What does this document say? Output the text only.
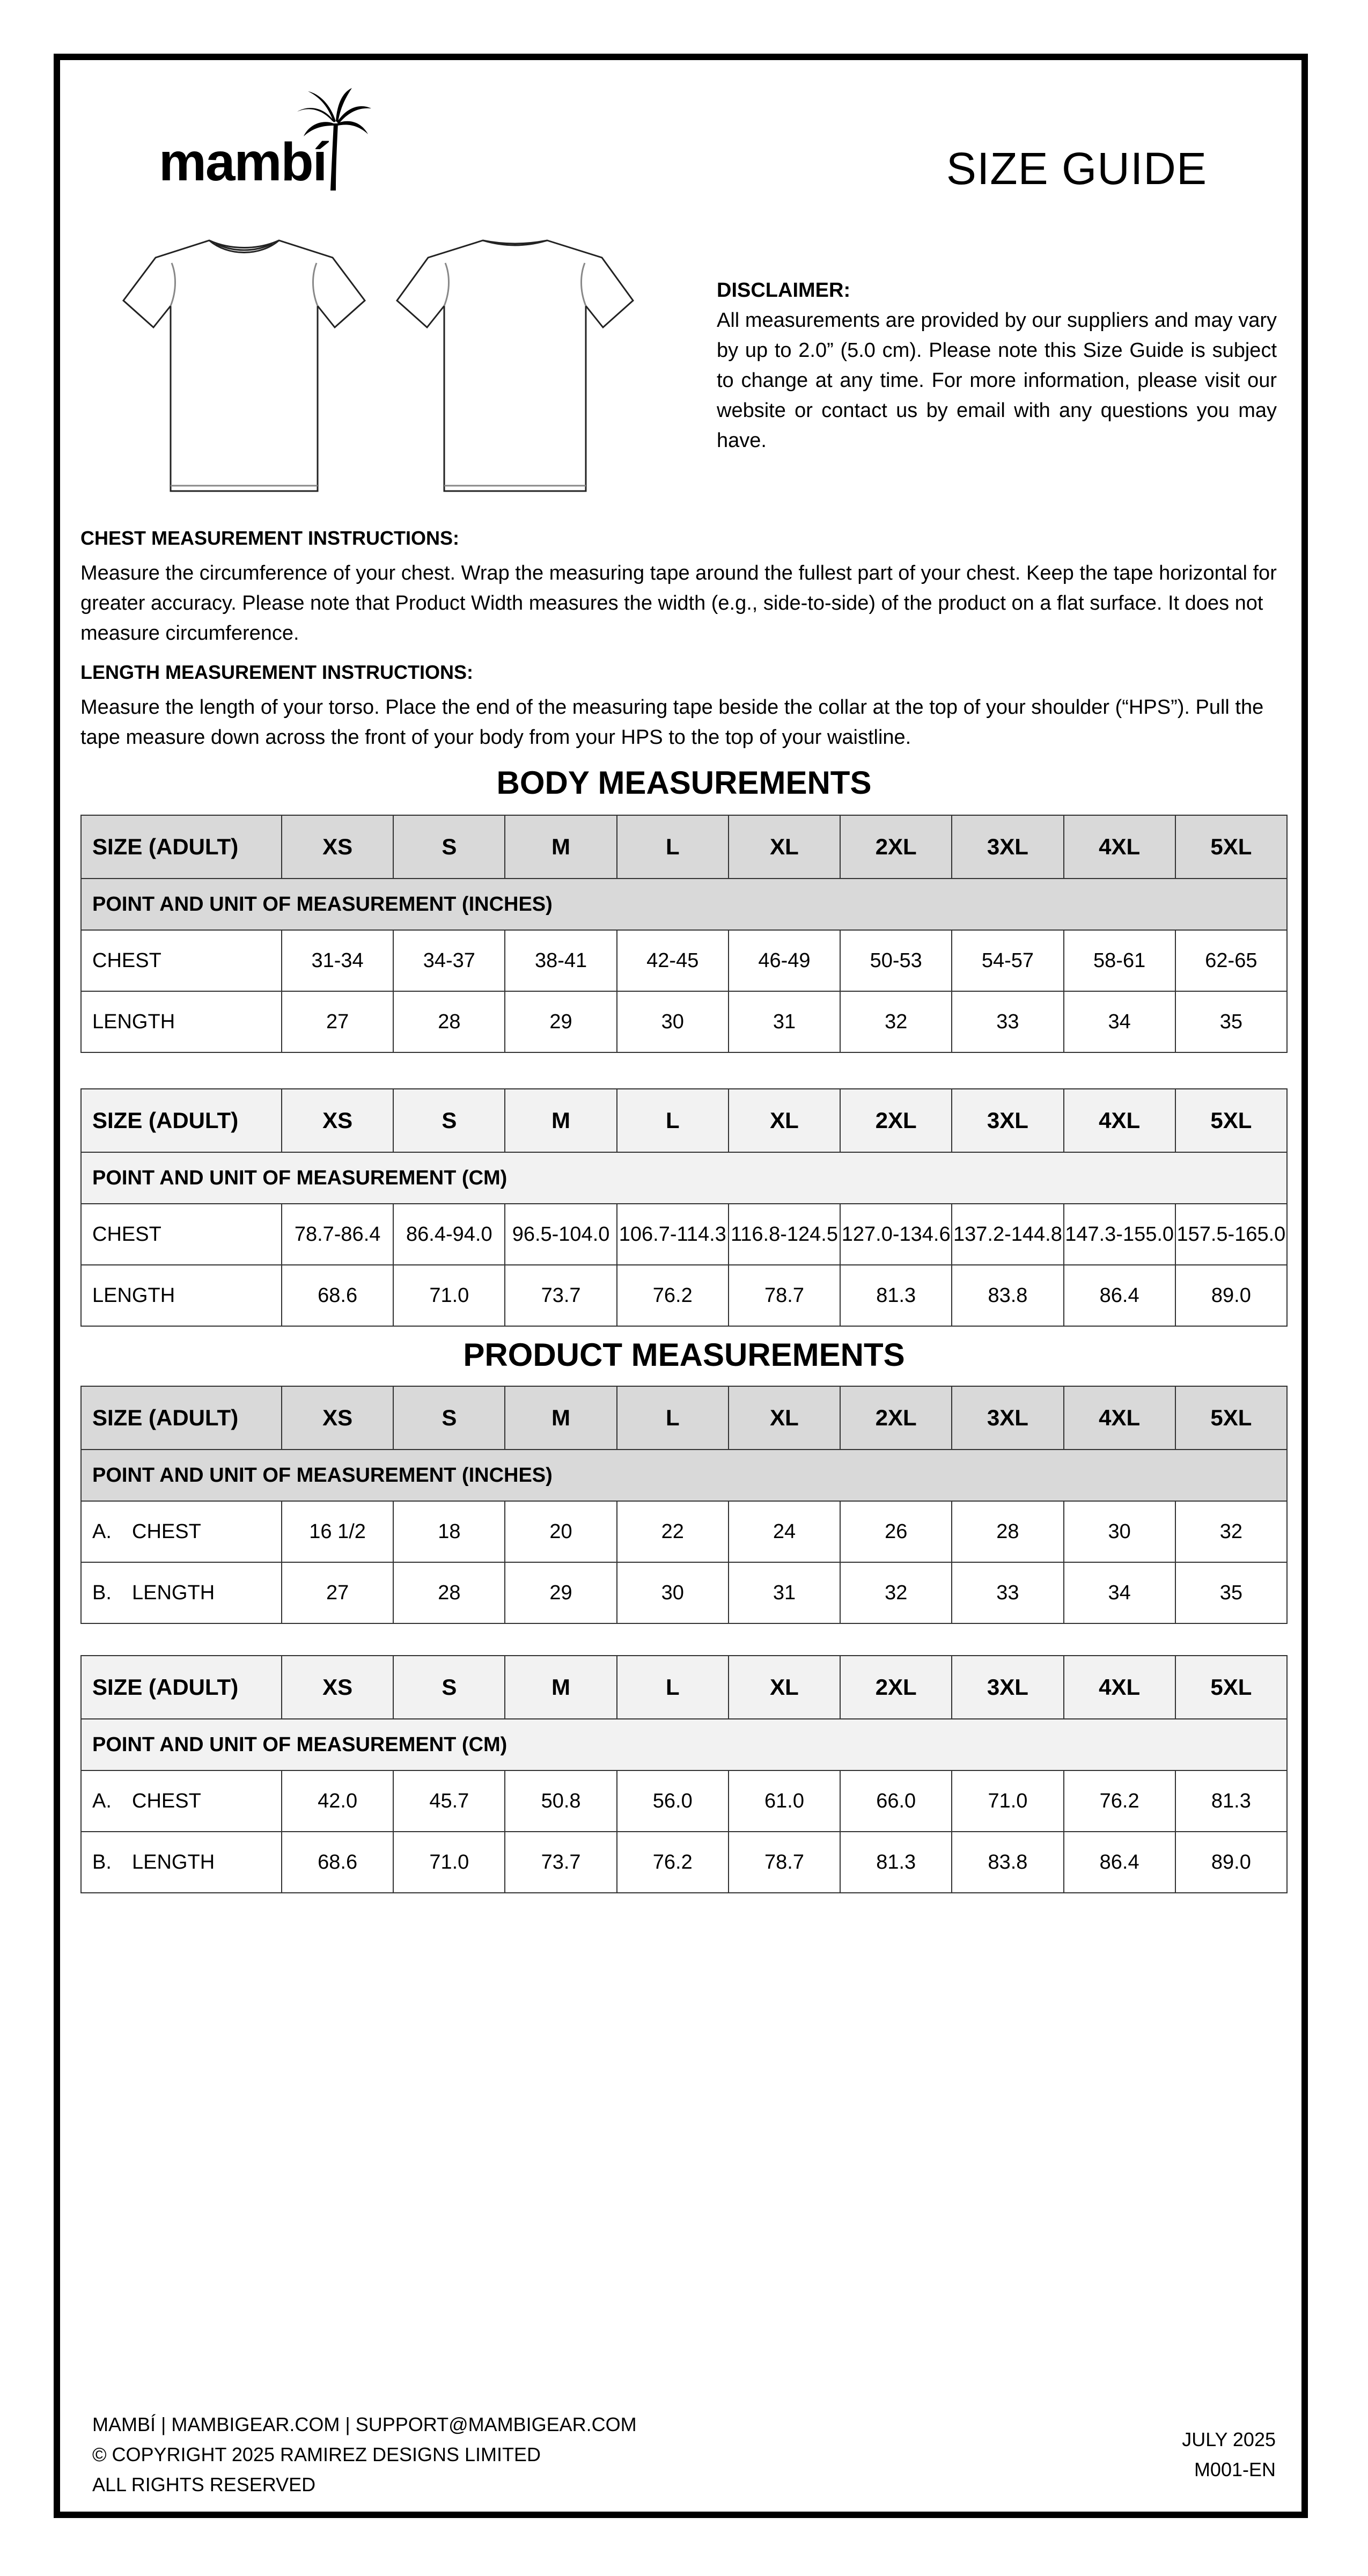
mambí	SIZE GUIDE
DISCLAIMER:
All measurements are provided by our suppliers and may vary by up to 2.0” (5.0 cm). Please note this Size Guide is subject to change at any time. For more information, please visit our website or contact us by email with any questions you may have.
CHEST MEASUREMENT INSTRUCTIONS:
Measure the circumference of your chest. Wrap the measuring tape around the fullest part of your chest. Keep the tape horizontal for greater accuracy. Please note that Product Width measures the width (e.g., side-to-side) of the product on a flat surface. It does not measure circumference.
LENGTH MEASUREMENT INSTRUCTIONS:
Measure the length of your torso. Place the end of the measuring tape beside the collar at the top of your shoulder (“HPS”). Pull the tape measure down across the front of your body from your HPS to the top of your waistline.
BODY MEASUREMENTS
SIZE (ADULT)	XS	S	M	L	XL	2XL	3XL	4XL	5XL
POINT AND UNIT OF MEASUREMENT (INCHES)									
CHEST	31-34	34-37	38-41	42-45	46-49	50-53	54-57	58-61	62-65
LENGTH	27	28	29	30	31	32	33	34	35
SIZE (ADULT)	XS	S	M	L	XL	2XL	3XL	4XL	5XL
POINT AND UNIT OF MEASUREMENT (CM)									
CHEST	78.7-86.4	86.4-94.0	96.5-104.0	106.7-114.3	116.8-124.5	127.0-134.6	137.2-144.8	147.3-155.0	157.5-165.0
LENGTH	68.6	71.0	73.7	76.2	78.7	81.3	83.8	86.4	89.0
PRODUCT MEASUREMENTS
SIZE (ADULT)	XS	S	M	L	XL	2XL	3XL	4XL	5XL
POINT AND UNIT OF MEASUREMENT (INCHES)									
A. CHEST	16 1/2	18	20	22	24	26	28	30	32
B. LENGTH	27	28	29	30	31	32	33	34	35
SIZE (ADULT)	XS	S	M	L	XL	2XL	3XL	4XL	5XL
POINT AND UNIT OF MEASUREMENT (CM)									
A. CHEST	42.0	45.7	50.8	56.0	61.0	66.0	71.0	76.2	81.3
B. LENGTH	68.6	71.0	73.7	76.2	78.7	81.3	83.8	86.4	89.0
MAMBÍ | MAMBIGEAR.COM | SUPPORT@MAMBIGEAR.COM
© COPYRIGHT 2025 RAMIREZ DESIGNS LIMITED
ALL RIGHTS RESERVED
JULY 2025
M001-EN
